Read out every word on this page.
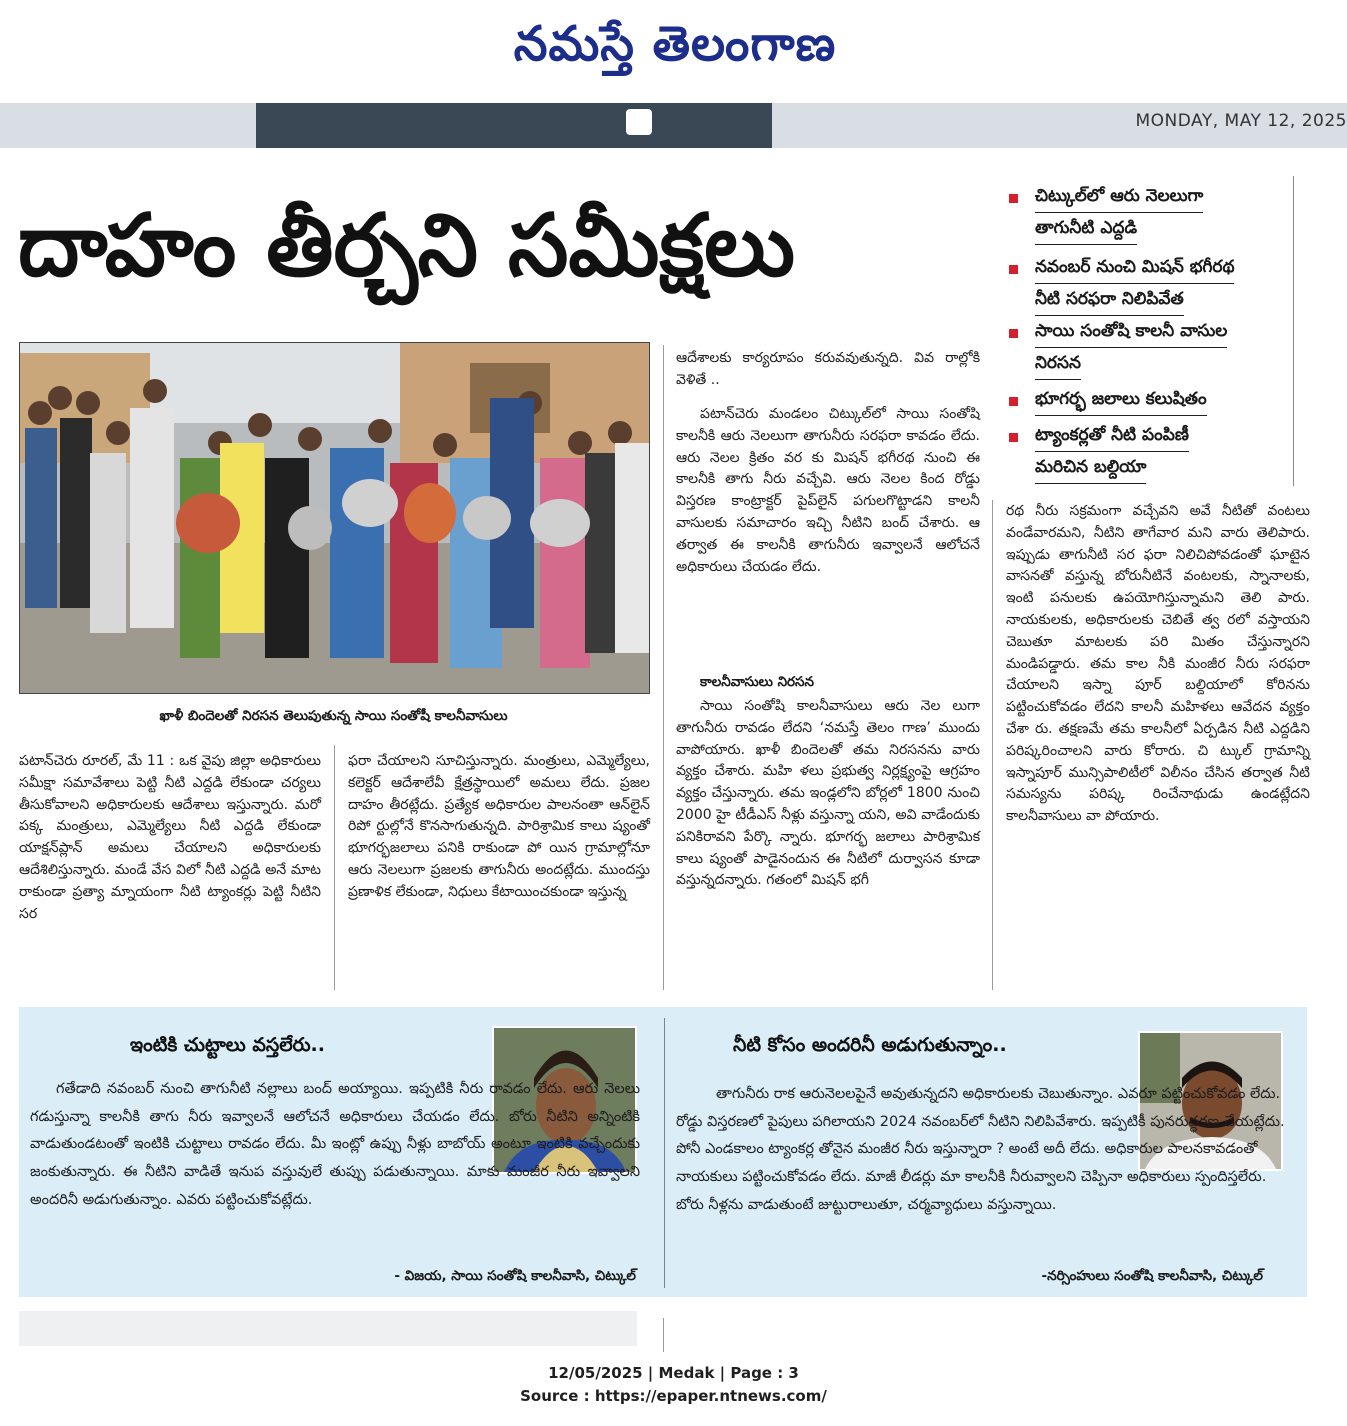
నమస్తే తెలంగాణ
MONDAY, MAY 12, 2025
దాహం తీర్చని సమీక్షలు	చిట్కుల్‌లో ఆరు నెలలుగా
తాగునీటి ఎద్దడి
నవంబర్ నుంచి మిషన్ భగీరథ
నీటి సరఫరా నిలిపివేత
సాయి సంతోషి కాలనీ వాసుల
నిరసన
భూగర్భ జలాలు కలుషితం
ట్యాంకర్లతో నీటి పంపిణీ
మరిచిన బల్దియా
ఖాళీ బిందెలతో నిరసన తెలుపుతున్న సాయి సంతోషీ కాలనీవాసులు
పటాన్‌చెరు రూరల్, మే 11 : ఒక వైపు జిల్లా అధికారులు సమీక్షా సమావేశాలు పెట్టి నీటి ఎద్దడి లేకుండా చర్యలు తీసుకోవాలని అధికారులకు ఆదేశాలు ఇస్తున్నారు. మరో పక్క మంత్రులు, ఎమ్మెల్యేలు నీటి ఎద్దడి లేకుండా యాక్షన్‌ప్లాన్ అమలు చేయాలని అధికారులకు ఆదేశిలిస్తున్నారు. మండే వేస విలో నీటి ఎద్దడి అనే మాట రాకుండా ప్రత్యా మ్నాయంగా నీటి ట్యాంకర్లు పెట్టి నీటిని సర
ఫరా చేయాలని సూచిస్తున్నారు. మంత్రులు, ఎమ్మెల్యేలు, కలెక్టర్ ఆదేశాలేవీ క్షేత్రస్థాయిలో అమలు లేదు. ప్రజల దాహం తీరట్లేదు. ప్రత్యేక అధికారుల పాలనంతా ఆన్‌లైన్ రిపో ర్టుల్లోనే కొనసాగుతున్నది. పారిశ్రామిక కాలు ష్యంతో భూగర్భజలాలు పనికి రాకుండా పో యిన గ్రామాల్లోనూ ఆరు నెలలుగా ప్రజలకు తాగునీరు అందట్లేదు. ముందస్తు ప్రణాళిక లేకుండా, నిధులు కేటాయించకుండా ఇస్తున్న
ఆదేశాలకు కార్యరూపం కరువవుతున్నది. వివ రాల్లోకి వెళితే ..
పటాన్‌చెరు మండలం చిట్కుల్‌లో సాయి సంతోషి కాలనీకి ఆరు నెలలుగా తాగునీరు సరఫరా కావడం లేదు. ఆరు నెలల క్రితం వర కు మిషన్ భగీరథ నుంచి ఈ కాలనీకి తాగు నీరు వచ్చేవి. ఆరు నెలల కింద రోడ్డు విస్తరణ కాంట్రాక్టర్ పైప్‌లైన్ పగులగొట్టాడని కాలనీ వాసులకు సమాచారం ఇచ్చి నీటిని బంద్ చేశారు. ఆ తర్వాత ఈ కాలనీకి తాగునీరు ఇవ్వాలనే ఆలోచనే అధికారులు చేయడం లేదు.
కాలనీవాసులు నిరసన
సాయి సంతోషి కాలనీవాసులు ఆరు నెల లుగా తాగునీరు రావడం లేదని ‘నమస్తే తెలం గాణ’ ముందు వాపోయారు. ఖాళీ బిందెలతో తమ నిరసనను వారు వ్యక్తం చేశారు. మహి ళలు ప్రభుత్వ నిర్లక్ష్యంపై ఆగ్రహం వ్యక్తం చేస్తున్నారు. తమ ఇండ్లలోని బోర్లలో 1800 నుంచి 2000 హై టీడీఎస్ నీళ్లు వస్తున్నా యని, అవి వాడేందుకు పనికిరావని పేర్కొ న్నారు. భూగర్భ జలాలు పారిశ్రామిక కాలు ష్యంతో పాడైనందున ఈ నీటిలో దుర్వాసన కూడా వస్తున్నదన్నారు. గతంలో మిషన్ భగీ
రథ నీరు సక్రమంగా వచ్చేవని అవే నీటితో వంటలు వండేవారమని, నీటిని తాగేవార మని వారు తెలిపారు. ఇప్పుడు తాగునీటి సర ఫరా నిలిచిపోవడంతో ఘాటైన వాసనతో వస్తున్న బోరునీటినే వంటలకు, స్నానాలకు, ఇంటి పనులకు ఉపయోగిస్తున్నామని తెలి పారు. నాయకులకు, అధికారులకు చెబితే త్వ రలో వస్తాయని చెబుతూ మాటలకు పరి మితం చేస్తున్నారని మండిపడ్డారు. తమ కాల నీకి మంజీర నీరు సరఫరా చేయాలని ఇస్నా పూర్ బల్దియాలో కోరినను పట్టించుకోవడం లేదని కాలనీ మహిళలు ఆవేదన వ్యక్తం చేశా రు. తక్షణమే తమ కాలనీలో ఏర్పడిన నీటి ఎద్దడిని పరిష్కరించాలని వారు కోరారు. చి ట్కుల్ గ్రామాన్ని ఇస్నాపూర్ మున్సిపాలిటీలో విలీనం చేసిన తర్వాత నీటి సమస్యను పరిష్క రించేనాథుడు ఉండట్లేదని కాలనీవాసులు వా పోయారు.
ఇంటికి చుట్టాలు వస్తలేరు..
గతేడాది నవంబర్ నుంచి తాగునీటి నల్లాలు బంద్ అయ్యాయి. ఇప్పటికి నీరు రావడం లేదు. ఆరు నెలలు గడుస్తున్నా కాలనీకి తాగు నీరు ఇవ్వాలనే ఆలోచనే అధికారులు చేయడం లేదు. బోరు నీటిని అన్నింటికి వాడుతుండటంతో ఇంటికి చుట్టాలు రావడం లేదు. మీ ఇంట్లో ఉప్పు నీళ్లు బాబోయ్ అంటూ ఇంటికి వచ్చేందుకు జంకుతున్నారు. ఈ నీటిని వాడితే ఇనుప వస్తువులే తుప్పు పడుతున్నాయి. మాకు మంజీర నీరు ఇవ్వాలని అందరినీ అడుగుతున్నాం. ఎవరు పట్టించుకోవట్లేదు.
- విజయ, సాయి సంతోషి కాలనీవాసి, చిట్కుల్
నీటి కోసం అందరినీ అడుగుతున్నాం..
తాగునీరు రాక ఆరునెలలపైనే అవుతున్నదని అధికారులకు చెబుతున్నాం. ఎవరూ పట్టించుకోవడం లేదు. రోడ్డు విస్తరణలో పైపులు పగిలాయని 2024 నవంబర్‌లో నీటిని నిలిపివేశారు. ఇప్పటికీ పునరుద్ధరణ చేయట్లేదు. పోనీ ఎండకాలం ట్యాంకర్ల తోనైన మంజీర నీరు ఇస్తున్నారా ? అంటే అదీ లేదు. అధికారుల పాలనకావడంతో నాయకులు పట్టించుకోవడం లేదు. మాజీ లీడర్లు మా కాలనీకి నీరువ్వాలని చెప్పినా అధికారులు స్పందిస్తలేరు. బోరు నీళ్లను వాడుతుంటే జుట్టురాలుతూ, చర్మవ్యాధులు వస్తున్నాయి.
-నర్సింహులు సంతోషి కాలనీవాసి, చిట్కుల్
12/05/2025 | Medak | Page : 3
Source : https://epaper.ntnews.com/
